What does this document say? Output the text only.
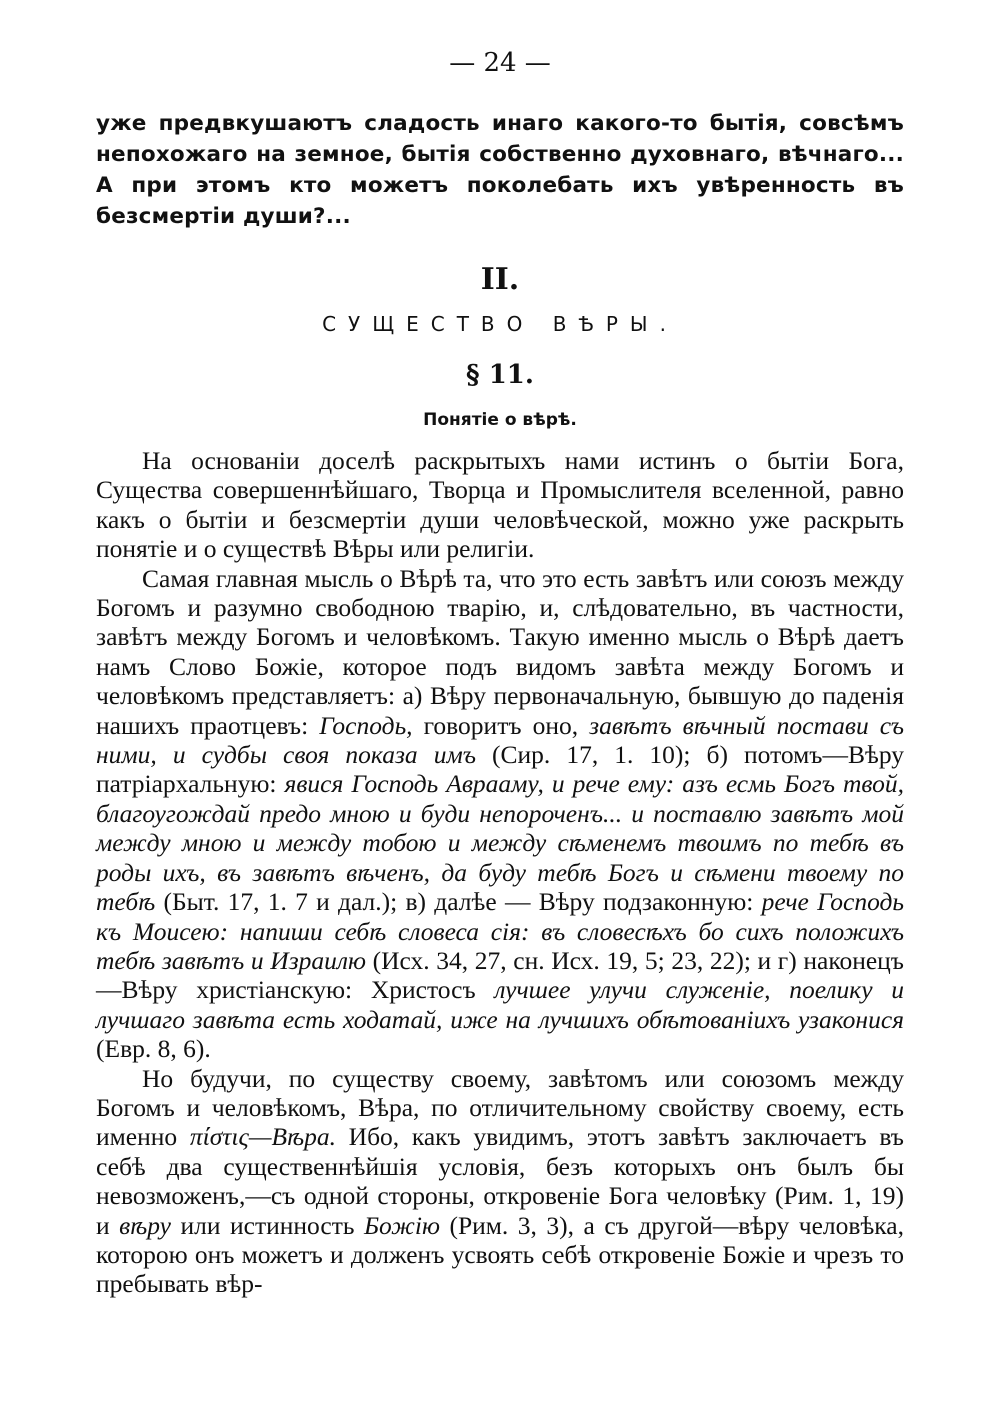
— 24 —
уже предвкушаютъ сладость инаго какого-то бытія, совсѣмъ непохожаго на земное, бытія собственно духовнаго, вѣчнаго... А при этомъ кто можетъ поколебать ихъ увѣренность въ безсмертіи души?...
II.
СУЩЕСТВО ВѢРЫ.
§ 11.
Понятіе о вѣрѣ.

На основаніи доселѣ раскрытыхъ нами истинъ о бытіи Бога, Существа совершеннѣйшаго, Творца и Промыслителя вселенной, равно какъ о бытіи и безсмертіи души человѣческой, можно уже раскрыть понятіе и о существѣ Вѣры или религіи.

Самая главная мысль о Вѣрѣ та, что это есть завѣтъ или союзъ между Богомъ и разумно свободною тварію, и, слѣдовательно, въ частности, завѣтъ между Богомъ и человѣкомъ. Такую именно мысль о Вѣрѣ даетъ намъ Слово Божіе, которое подъ видомъ завѣта между Богомъ и человѣкомъ представляетъ: а) Вѣру первоначальную, бывшую до паденія нашихъ праотцевъ: Господь, говоритъ оно, завѣтъ вѣчный постави съ ними, и судбы своя показа имъ (Сир. 17, 1. 10); б) потомъ—Вѣру патріархальную: явися Господь Аврааму, и рече ему: азъ есмь Богъ твой, благоугождай предо мною и буди непороченъ... и поставлю завѣтъ мой между мною и между тобою и между сѣменемъ твоимъ по тебѣ въ роды ихъ, въ завѣтъ вѣченъ, да буду тебѣ Богъ и сѣмени твоему по тебѣ (Быт. 17, 1. 7 и дал.); в) далѣе — Вѣру подзаконную: рече Господь къ Моисею: напиши себѣ словеса сія: въ словесѣхъ бо сихъ положихъ тебѣ завѣтъ и Израилю (Исх. 34, 27, сн. Исх. 19, 5; 23, 22); и г) наконецъ—Вѣру христіанскую: Христосъ лучшее улучи служеніе, поелику и лучшаго завѣта есть ходатай, иже на лучшихъ обѣтованіихъ узаконися (Евр. 8, 6).

Но будучи, по существу своему, завѣтомъ или союзомъ между Богомъ и человѣкомъ, Вѣра, по отличительному свойству своему, есть именно πίστις—Вѣра. Ибо, какъ увидимъ, этотъ завѣтъ заключаетъ въ себѣ два существеннѣйшія условія, безъ которыхъ онъ былъ бы невозможенъ,—съ одной стороны, откровеніе Бога человѣку (Рим. 1, 19) и вѣру или истинность Божію (Рим. 3, 3), а съ другой—вѣру человѣка, которою онъ можетъ и долженъ усвоять себѣ откровеніе Божіе и чрезъ то пребывать вѣр-
